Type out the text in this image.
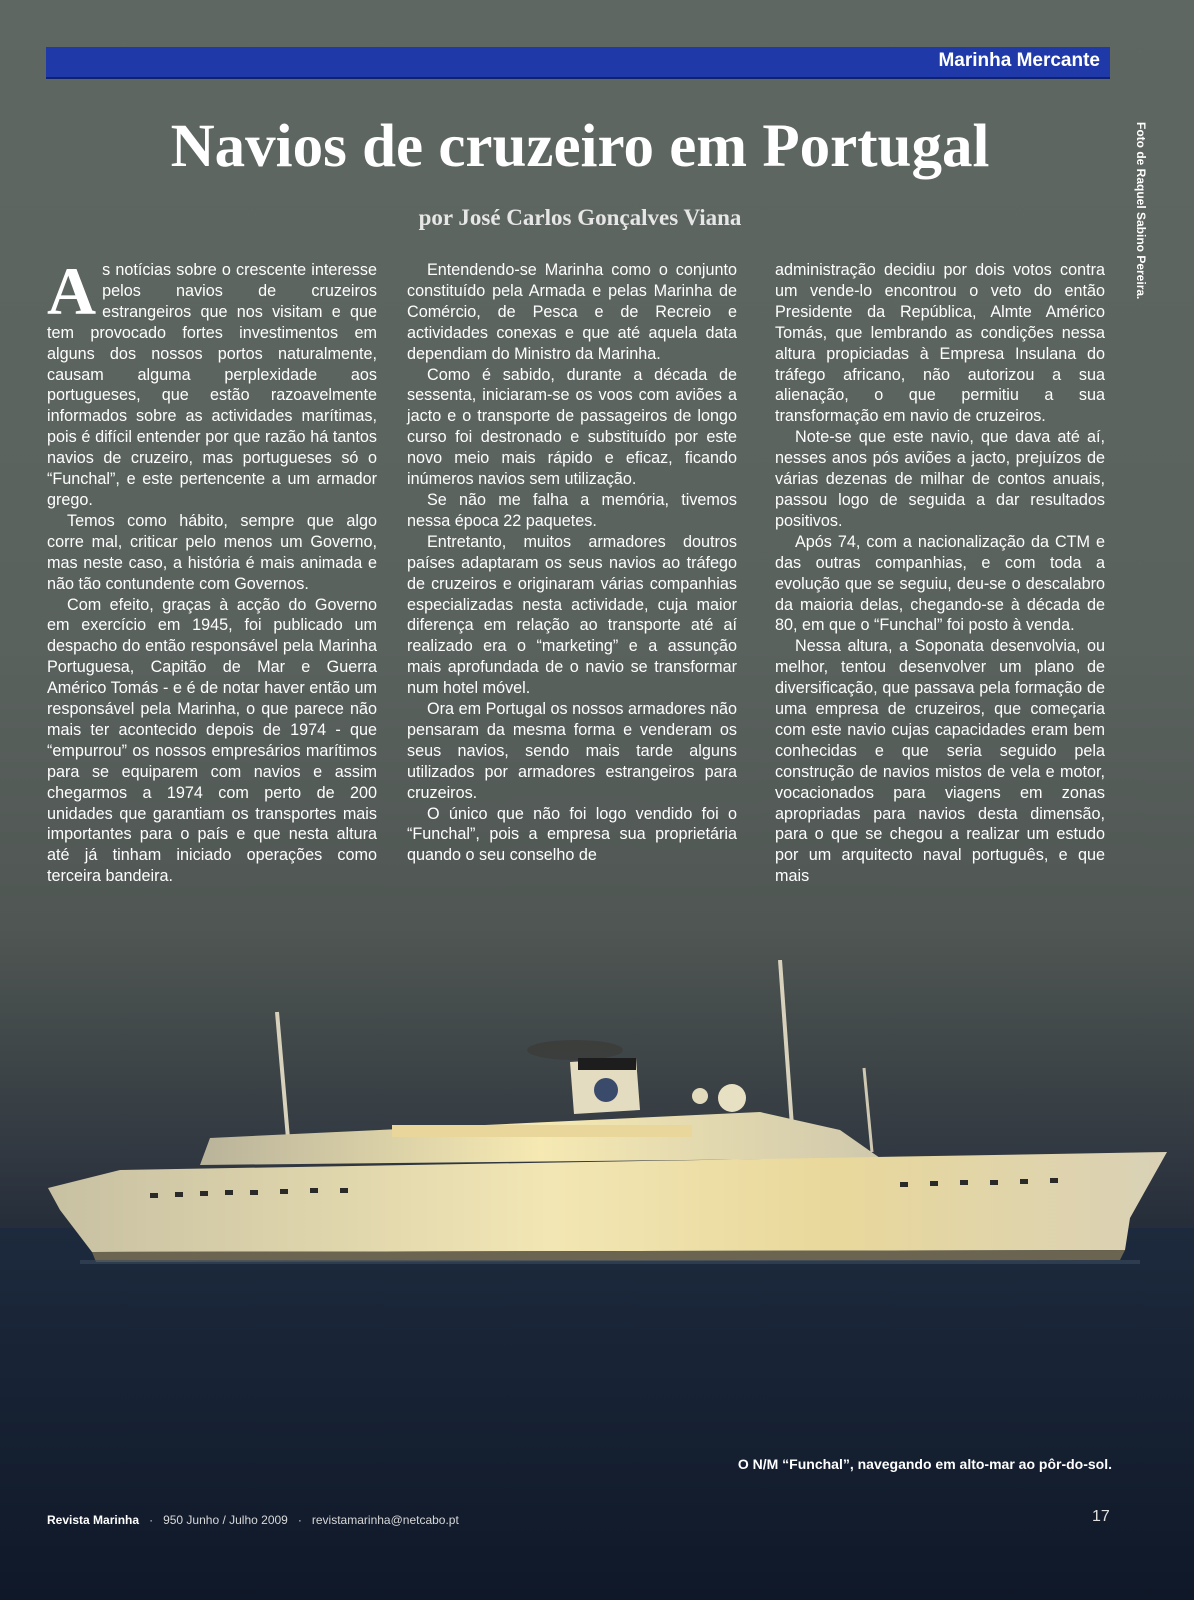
Marinha Mercante
Navios de cruzeiro em Portugal
por José Carlos Gonçalves Viana	Foto de Raquel Sabino Pereira.

As notícias sobre o crescente interesse pelos navios de cruzeiros estrangeiros que nos visitam e que tem provocado fortes investimentos em alguns dos nossos portos naturalmente, causam alguma perplexidade aos portugueses, que estão razoavelmente informados sobre as actividades marítimas, pois é difícil entender por que razão há tantos navios de cruzeiro, mas portugueses só o “Funchal”, e este pertencente a um armador grego.

Temos como hábito, sempre que algo corre mal, criticar pelo menos um Governo, mas neste caso, a história é mais animada e não tão contundente com Governos.

Com efeito, graças à acção do Governo em exercício em 1945, foi publicado um despacho do então responsável pela Marinha Portuguesa, Capitão de Mar e Guerra Américo Tomás - e é de notar haver então um responsável pela Marinha, o que parece não mais ter acontecido depois de 1974 - que “empurrou” os nossos empresários marítimos para se equiparem com navios e assim chegarmos a 1974 com perto de 200 unidades que garantiam os transportes mais importantes para o país e que nesta altura até já tinham iniciado operações como terceira bandeira.

Entendendo-se Marinha como o conjunto constituído pela Armada e pelas Marinha de Comércio, de Pesca e de Recreio e actividades conexas e que até aquela data dependiam do Ministro da Marinha.

Como é sabido, durante a década de sessenta, iniciaram-se os voos com aviões a jacto e o transporte de passageiros de longo curso foi destronado e substituído por este novo meio mais rápido e eficaz, ficando inúmeros navios sem utilização.

Se não me falha a memória, tivemos nessa época 22 paquetes.

Entretanto, muitos armadores doutros países adaptaram os seus navios ao tráfego de cruzeiros e originaram várias companhias especializadas nesta actividade, cuja maior diferença em relação ao transporte até aí realizado era o “marketing” e a assunção mais aprofundada de o navio se transformar num hotel móvel.

Ora em Portugal os nossos armadores não pensaram da mesma forma e venderam os seus navios, sendo mais tarde alguns utilizados por armadores estrangeiros para cruzeiros.

O único que não foi logo vendido foi o “Funchal”, pois a empresa sua proprietária quando o seu conselho de

administração decidiu por dois votos contra um vende-lo encontrou o veto do então Presidente da República, Almte Américo Tomás, que lembrando as condições nessa altura propiciadas à Empresa Insulana do tráfego africano, não autorizou a sua alienação, o que permitiu a sua transformação em navio de cruzeiros.

Note-se que este navio, que dava até aí, nesses anos pós aviões a jacto, prejuízos de várias dezenas de milhar de contos anuais, passou logo de seguida a dar resultados positivos.

Após 74, com a nacionalização da CTM e das outras companhias, e com toda a evolução que se seguiu, deu-se o descalabro da maioria delas, chegando-se à década de 80, em que o “Funchal” foi posto à venda.

Nessa altura, a Soponata desenvolvia, ou melhor, tentou desenvolver um plano de diversificação, que passava pela formação de uma empresa de cruzeiros, que começaria com este navio cujas capacidades eram bem conhecidas e que seria seguido pela construção de navios mistos de vela e motor, vocacionados para viagens em zonas apropriadas para navios desta dimensão, para o que se chegou a realizar um estudo por um arquitecto naval português, e que mais

O N/M “Funchal”, navegando em alto-mar ao pôr-do-sol.
Revista Marinha · 950 Junho / Julho 2009 · revistamarinha@netcabo.pt	17
